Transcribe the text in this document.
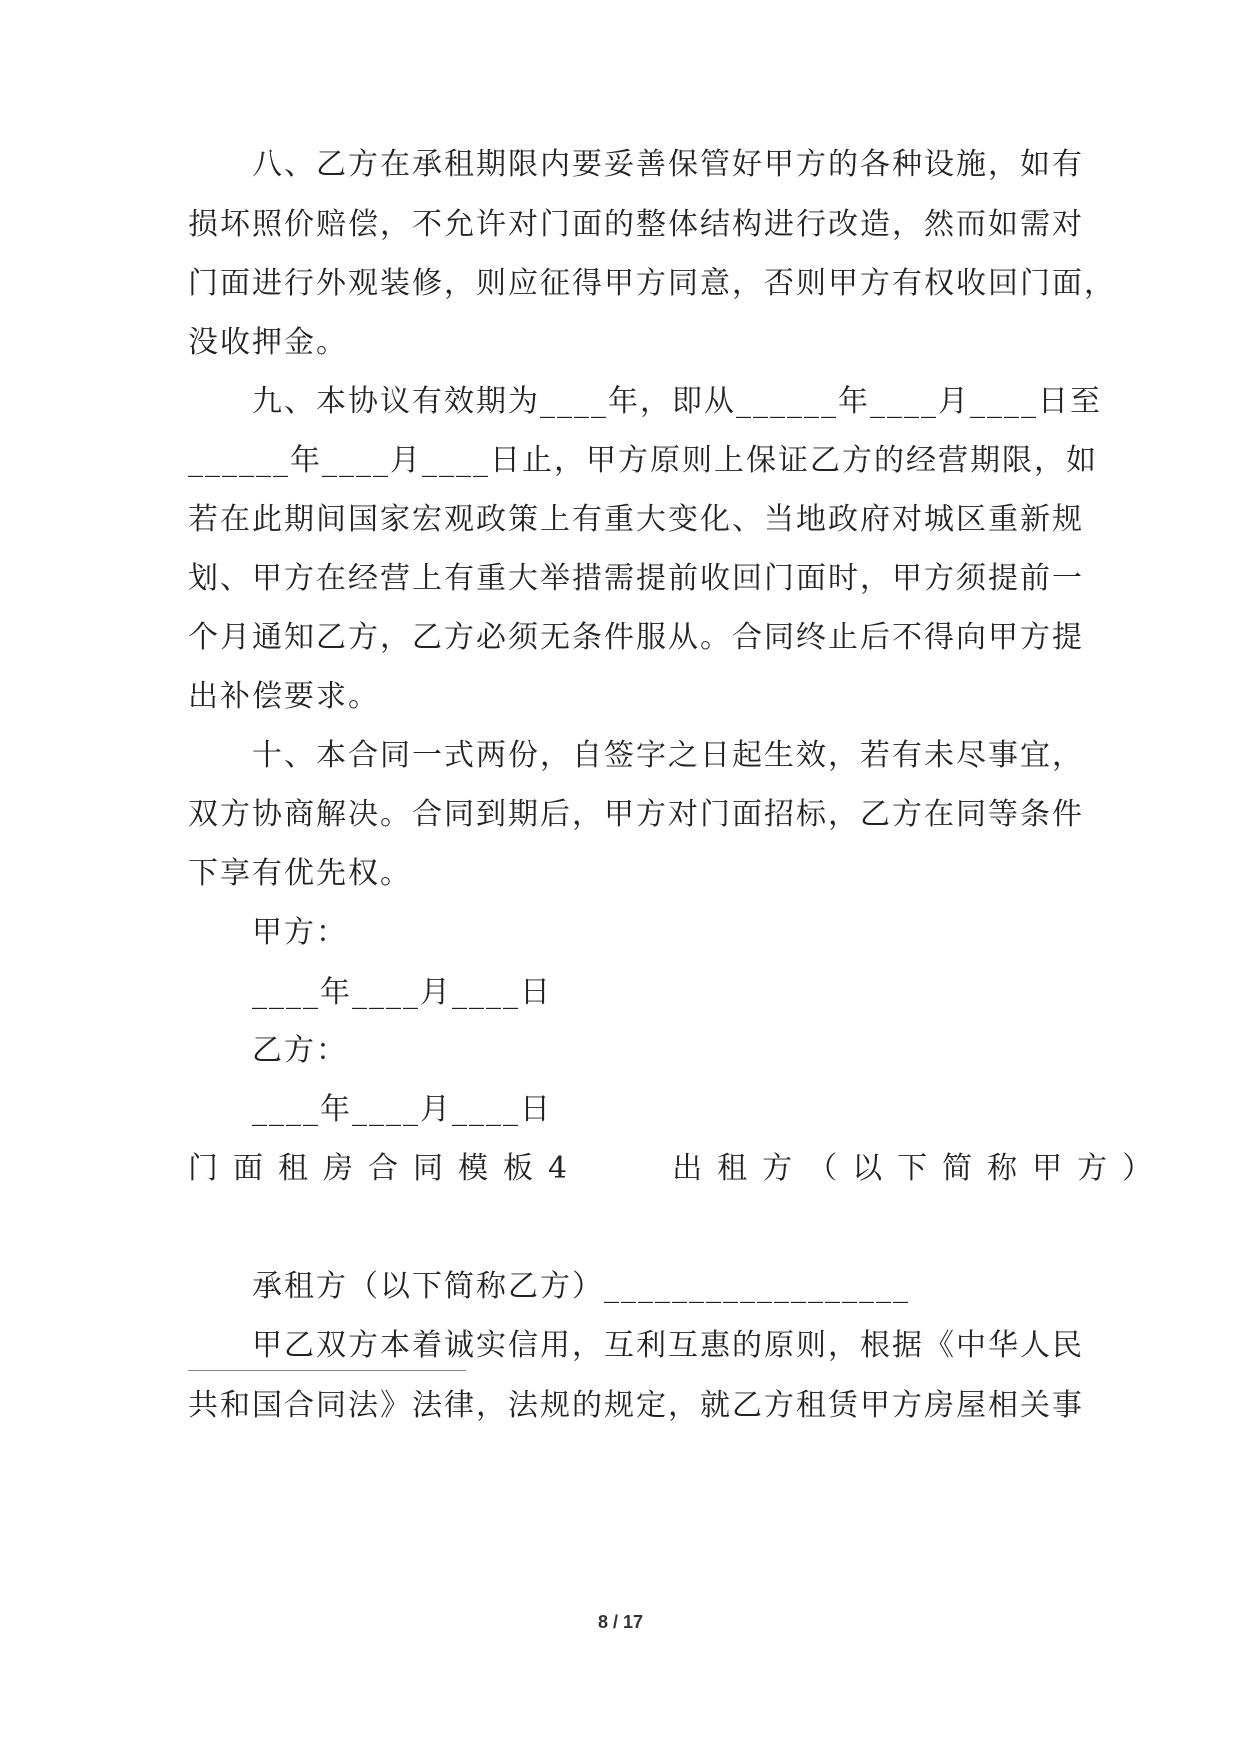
八、乙方在承租期限内要妥善保管好甲方的各种设施，如有
损坏照价赔偿，不允许对门面的整体结构进行改造，然而如需对
门面进行外观装修，则应征得甲方同意，否则甲方有权收回门面，
没收押金。
九、本协议有效期为____年，即从______年____月____日至
______年____月____日止，甲方原则上保证乙方的经营期限，如
若在此期间国家宏观政策上有重大变化、当地政府对城区重新规
划、甲方在经营上有重大举措需提前收回门面时，甲方须提前一
个月通知乙方，乙方必须无条件服从。合同终止后不得向甲方提
出补偿要求。
十、本合同一式两份，自签字之日起生效，若有未尽事宜，
双方协商解决。合同到期后，甲方对门面招标，乙方在同等条件
下享有优先权。
甲方：
____年____月____日
乙方：
____年____月____日
门面租房合同模板4　　出租方（以下简称甲方）
承租方（以下简称乙方）__________________
甲乙双方本着诚实信用，互利互惠的原则，根据《中华人民
共和国合同法》法律，法规的规定，就乙方租赁甲方房屋相关事
8 / 17
